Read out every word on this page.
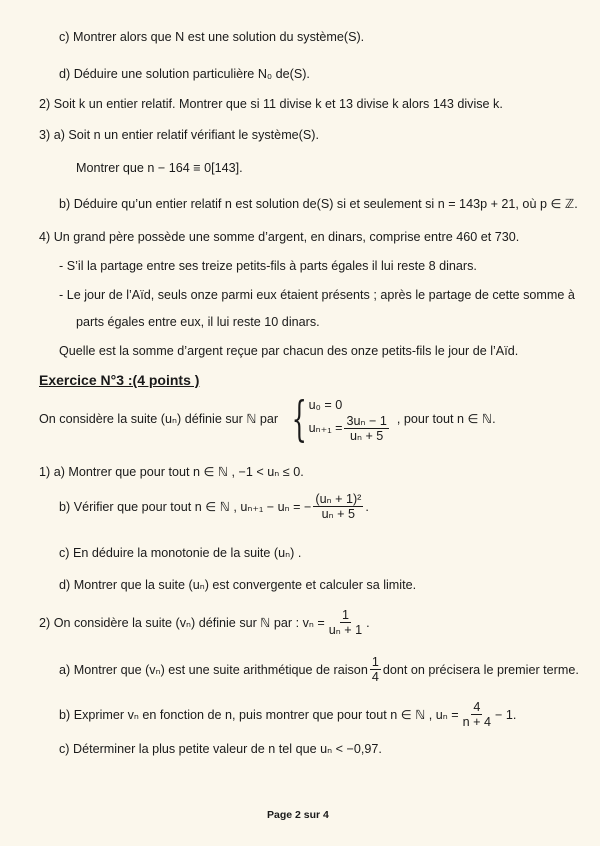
c) Montrer alors que N est une solution du système(S).
d) Déduire une solution particulière N₀ de(S).
2) Soit k un entier relatif. Montrer que si 11 divise k et 13 divise k alors 143 divise k.
3) a) Soit n un entier relatif vérifiant le système(S).
Montrer que n − 164 ≡ 0[143].
b) Déduire qu’un entier relatif n est solution de(S) si et seulement si n = 143p + 21, où p ∈ ℤ.
4) Un grand père possède une somme d’argent, en dinars, comprise entre 460 et 730.
- S’il la partage entre ses treize petits-fils à parts égales il lui reste 8 dinars.
- Le jour de l’Aïd, seuls onze parmi eux étaient présents ; après le partage de cette somme à
parts égales entre eux, il lui reste 10 dinars.
Quelle est la somme d’argent reçue par chacun des onze petits-fils le jour de l’Aïd.
Exercice N°3 :(4 points )
On considère la suite (uₙ) définie sur ℕ par { u₀ = 0
$u_{n+1} = \frac{\text{3uₙ − 1}}{\text{uₙ + 5}}$ , pour tout n ∈ ℕ.
1) a) Montrer que pour tout n ∈ ℕ , −1 < uₙ ≤ 0.
b) Vérifier que pour tout n ∈ ℕ , uₙ₊₁ − uₙ = − $\frac{\text{(uₙ + 1)²}}{\text{uₙ + 5}}$ .
c) En déduire la monotonie de la suite (uₙ) .
d) Montrer que la suite (uₙ) est convergente et calculer sa limite.
2) On considère la suite (vₙ) définie sur ℕ par : $v_n = \frac{1}{\text{uₙ + 1}}$ .
a) Montrer que (vₙ) est une suite arithmétique de raison $\frac{1}{4}$ dont on précisera le premier terme.
b) Exprimer vₙ en fonction de n, puis montrer que pour tout n ∈ ℕ , $u_n = \frac{4}{n + 4} - 1$.
c) Déterminer la plus petite valeur de n tel que uₙ < −0,97.
Page 2 sur 4
